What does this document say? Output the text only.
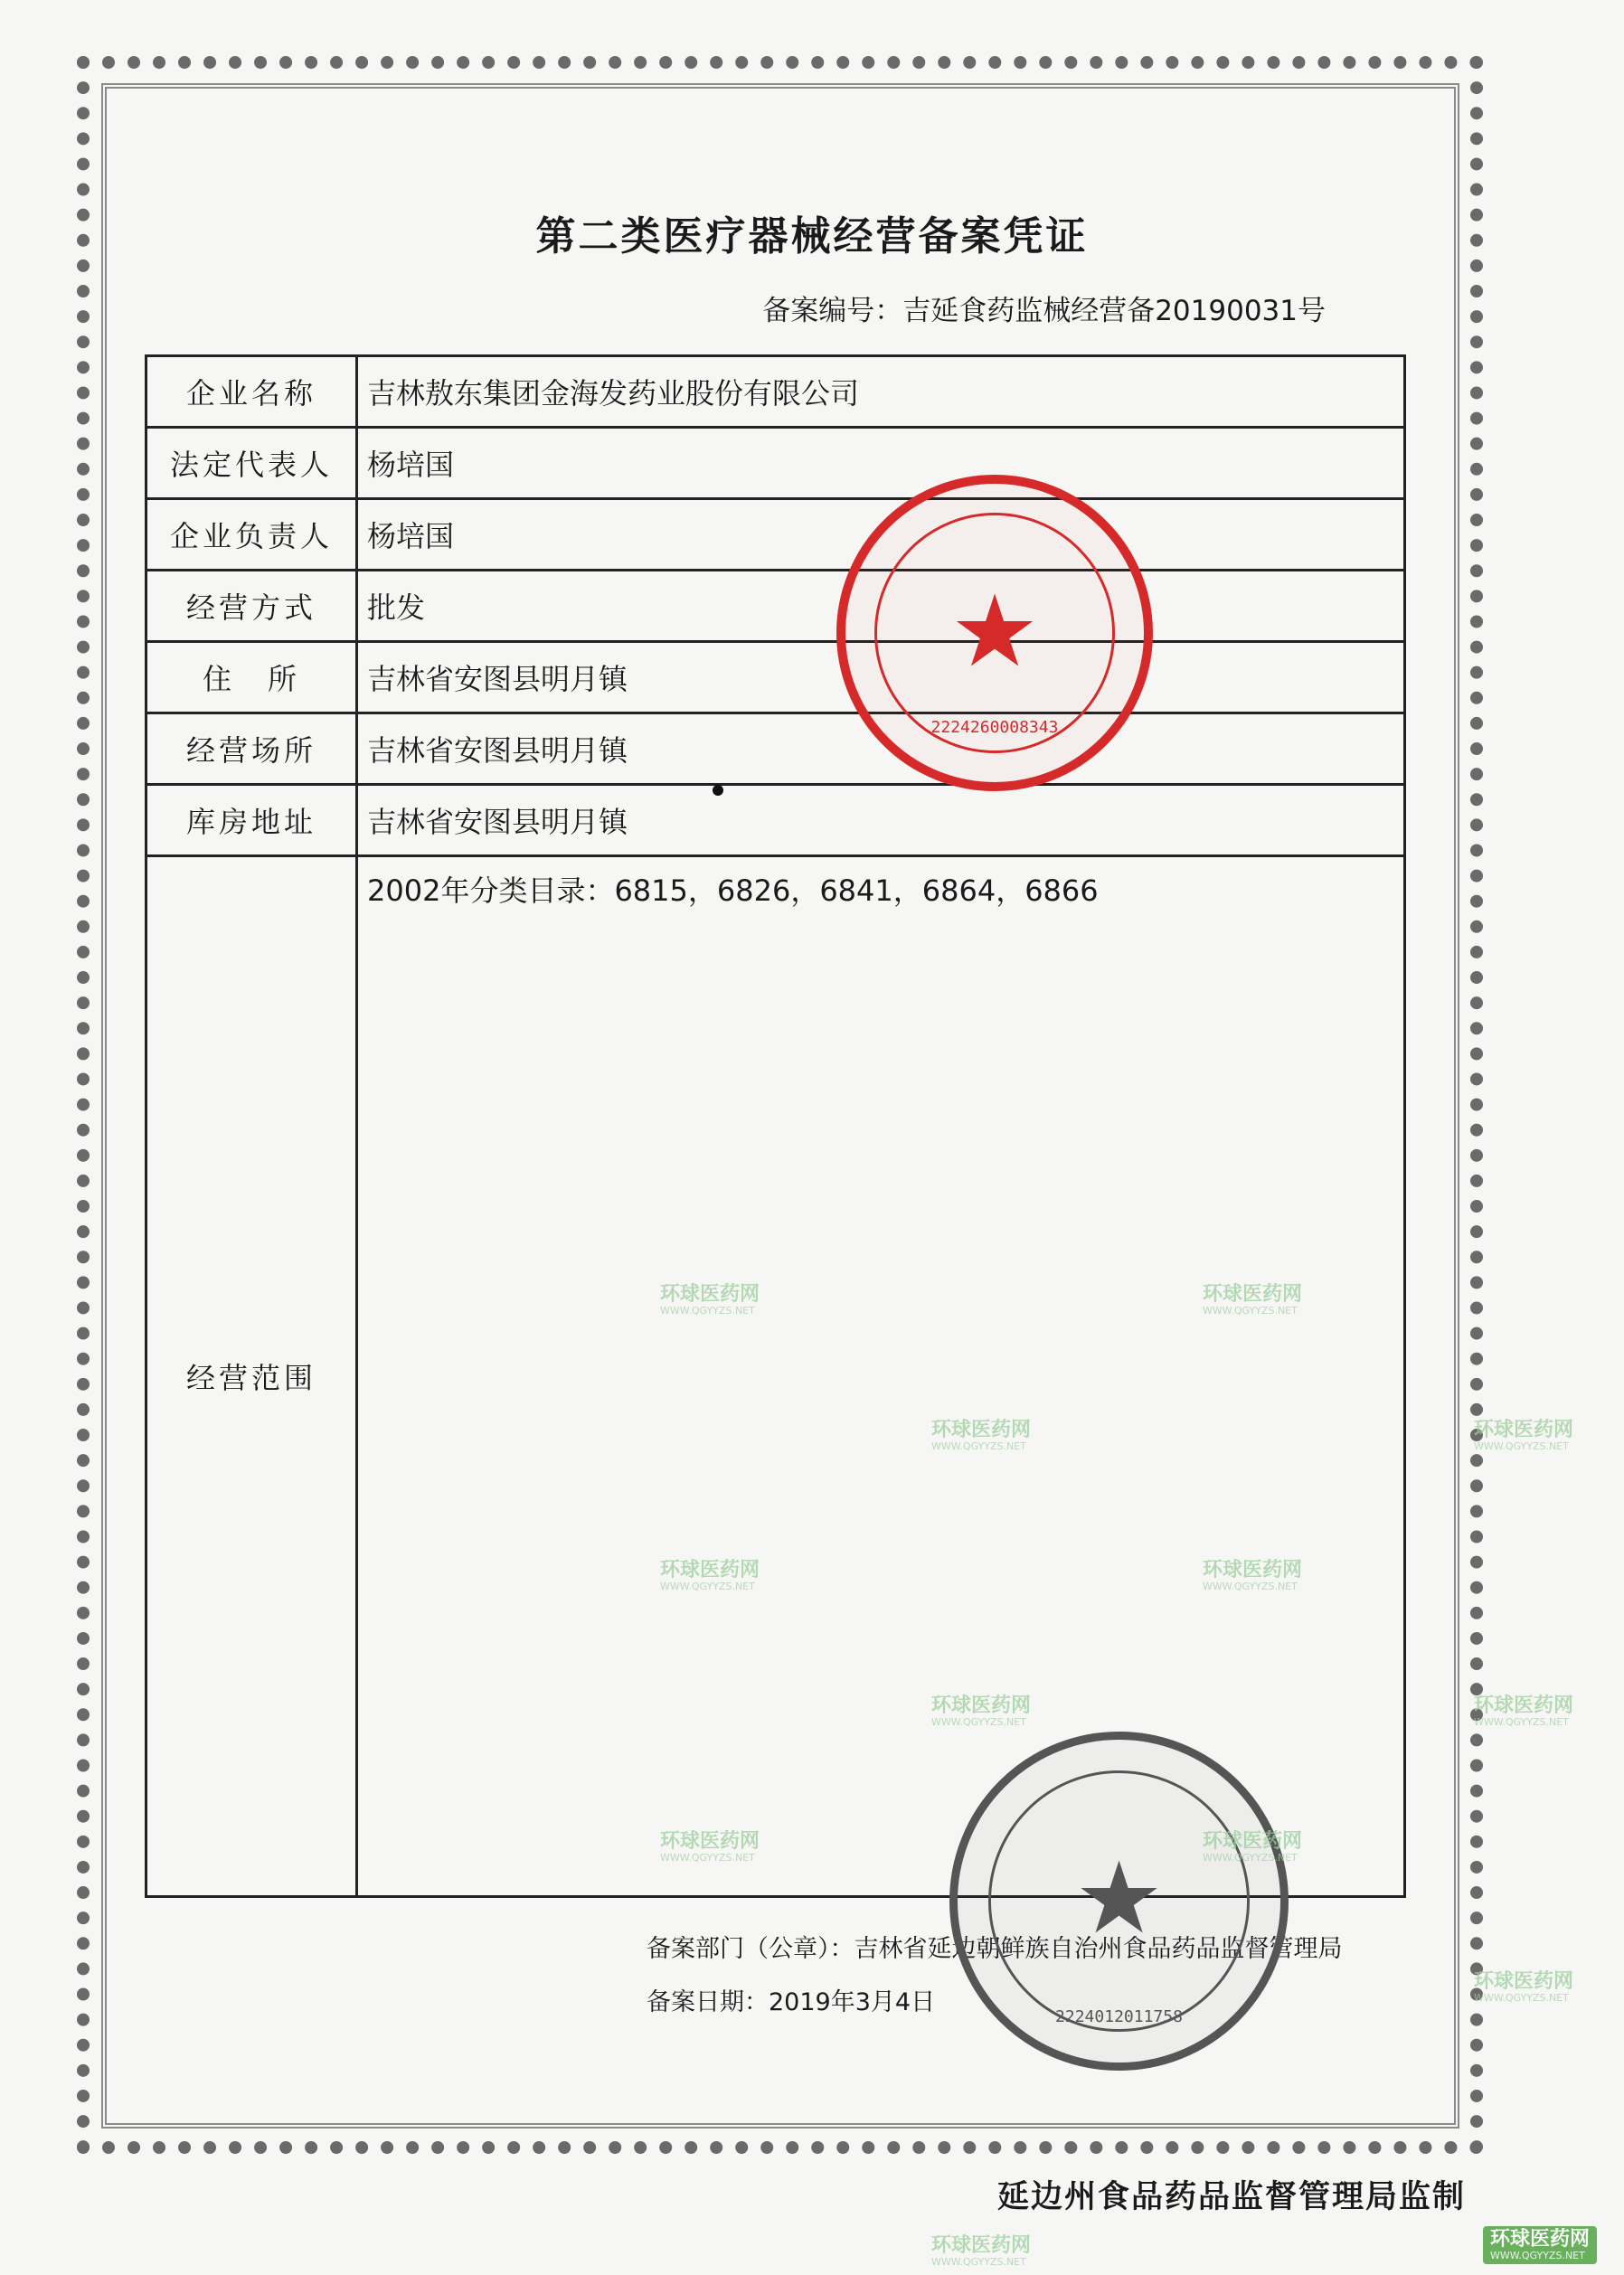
第二类医疗器械经营备案凭证
备案编号：吉延食药监械经营备20190031号
企业名称	吉林敖东集团金海发药业股份有限公司
法定代表人	杨培国
企业负责人	杨培国
经营方式	批发
住　所	吉林省安图县明月镇
经营场所	吉林省安图县明月镇
库房地址	吉林省安图县明月镇
经营范围	2002年分类目录：6815，6826，6841，6864，6866
★
2224260008343
备案部门（公章）：吉林省延边朝鲜族自治州食品药品监督管理局
备案日期：2019年3月4日
★
2224012011758
延边州食品药品监督管理局监制
环球医药网
WWW.QGYYZS.NET
环球医药网
WWW.QGYYZS.NET
环球医药网
WWW.QGYYZS.NET
环球医药网
WWW.QGYYZS.NET
环球医药网
WWW.QGYYZS.NET
环球医药网
WWW.QGYYZS.NET
环球医药网
WWW.QGYYZS.NET
环球医药网
WWW.QGYYZS.NET
环球医药网
WWW.QGYYZS.NET
环球医药网
WWW.QGYYZS.NET
环球医药网
WWW.QGYYZS.NET
环球医药网
WWW.QGYYZS.NET
环球医药网
WWW.QGYYZS.NET
